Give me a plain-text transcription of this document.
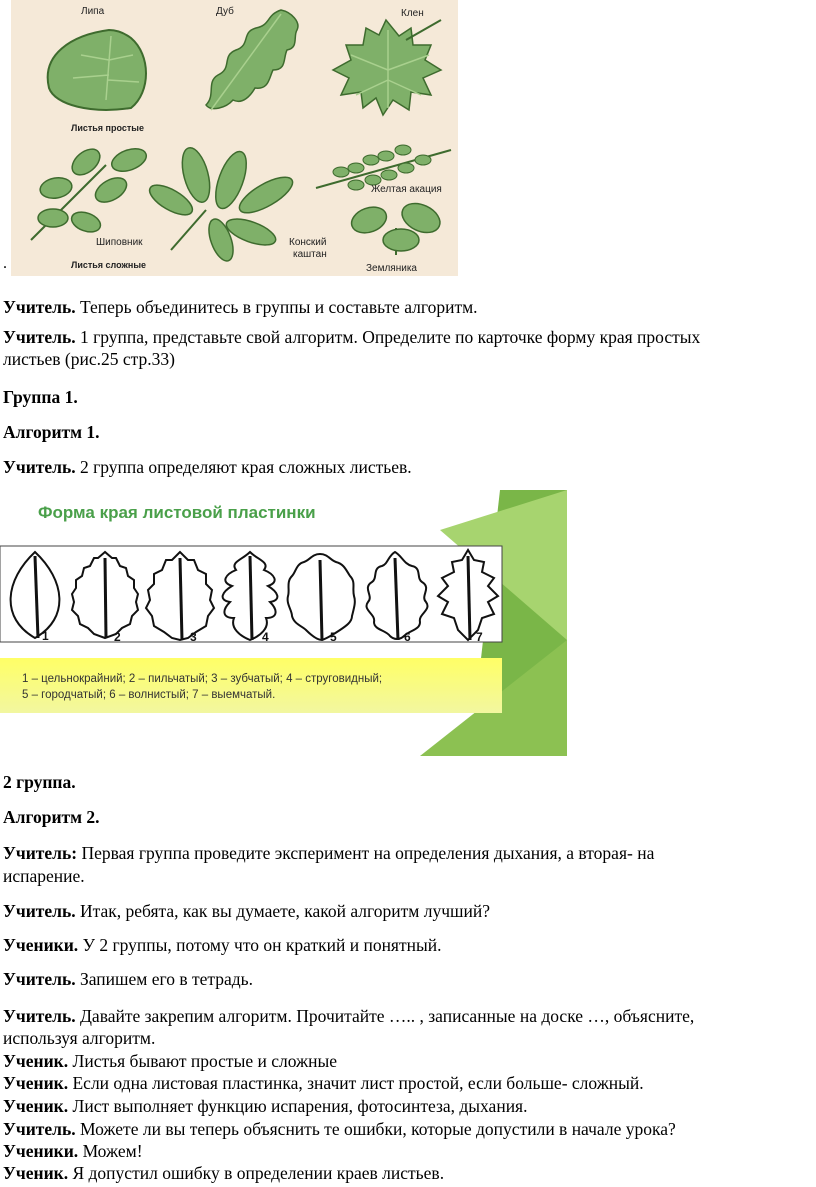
Липа	Дуб	Клен
Листья простые
Шиповник
Листья сложные
Конский
каштан
Желтая акация
Земляника
.
Учитель. Теперь объединитесь в группы и составьте алгоритм.
Учитель. 1 группа, представьте свой алгоритм. Определите по карточке форму края простых
листьев (рис.25 стр.33)
Группа 1.
Алгоритм 1.
Учитель. 2 группа определяют края сложных листьев.
Форма края листовой пластинки
1	2	3	4	5	6	7
1 – цельнокрайний; 2 – пильчатый; 3 – зубчатый; 4 – струговидный;
5 – городчатый; 6 – волнистый; 7 – выемчатый.
2 группа.
Алгоритм 2.
Учитель: Первая группа проведите эксперимент на определения дыхания, а вторая- на
испарение.
Учитель. Итак, ребята, как вы думаете, какой алгоритм лучший?
Ученики. У 2 группы, потому что он краткий и понятный.
Учитель. Запишем его в тетрадь.
Учитель. Давайте закрепим алгоритм. Прочитайте ….. , записанные на доске …, объясните,
используя алгоритм.
Ученик. Листья бывают простые и сложные
Ученик. Если одна листовая пластинка, значит лист простой, если больше- сложный.
Ученик. Лист выполняет функцию испарения, фотосинтеза, дыхания.
Учитель. Можете ли вы теперь объяснить те ошибки, которые допустили в начале урока?
Ученики. Можем!
Ученик. Я допустил ошибку в определении краев листьев.
